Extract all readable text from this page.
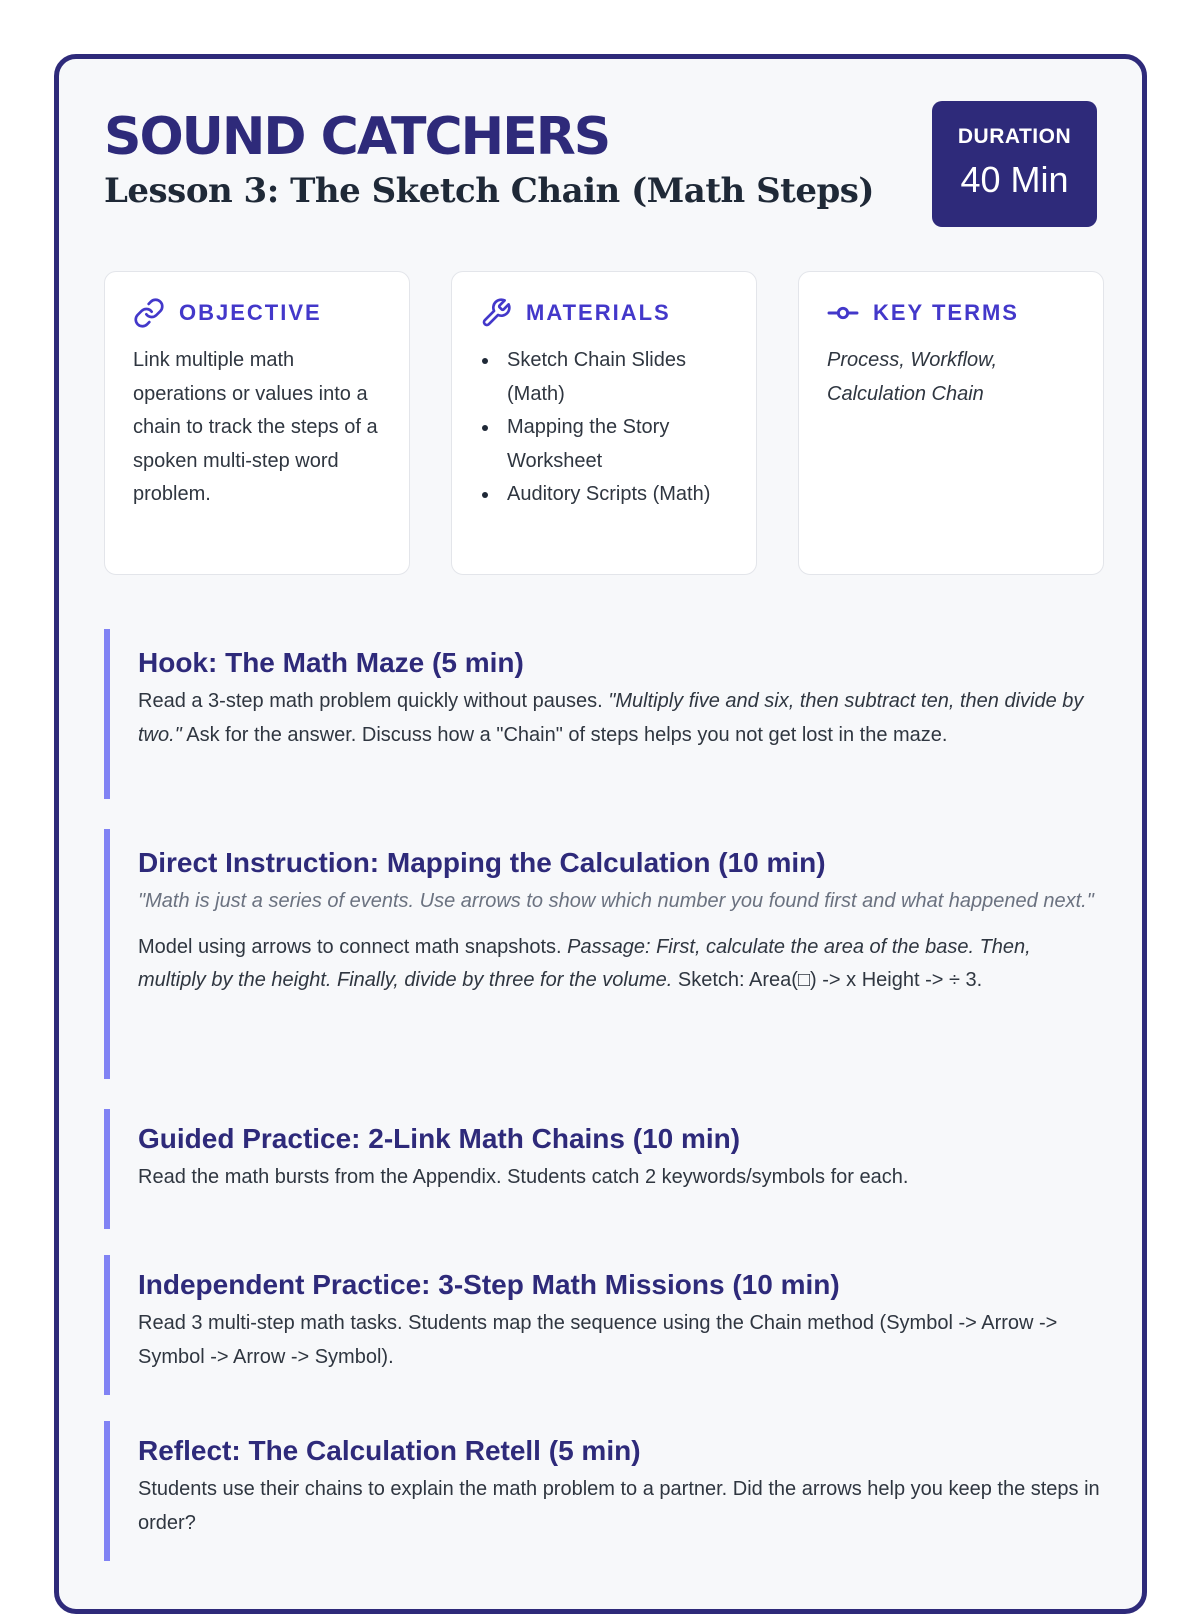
SOUND CATCHERS
Lesson 3: The Sketch Chain (Math Steps)
DURATION
40 Min
OBJECTIVE
Link multiple math operations or values into a chain to track the steps of a spoken multi-step word problem.
MATERIALS
Sketch Chain Slides (Math)
Mapping the Story Worksheet
Auditory Scripts (Math)
KEY TERMS
Process, Workflow, Calculation Chain
Hook: The Math Maze (5 min)
Read a 3-step math problem quickly without pauses. "Multiply five and six, then subtract ten, then divide by two." Ask for the answer. Discuss how a "Chain" of steps helps you not get lost in the maze.
Direct Instruction: Mapping the Calculation (10 min)
"Math is just a series of events. Use arrows to show which number you found first and what happened next."
Model using arrows to connect math snapshots. Passage: First, calculate the area of the base. Then, multiply by the height. Finally, divide by three for the volume. Sketch: Area(□) -> x Height -> ÷ 3.
Guided Practice: 2-Link Math Chains (10 min)
Read the math bursts from the Appendix. Students catch 2 keywords/symbols for each.
Independent Practice: 3-Step Math Missions (10 min)
Read 3 multi-step math tasks. Students map the sequence using the Chain method (Symbol -> Arrow -> Symbol -> Arrow -> Symbol).
Reflect: The Calculation Retell (5 min)
Students use their chains to explain the math problem to a partner. Did the arrows help you keep the steps in order?
